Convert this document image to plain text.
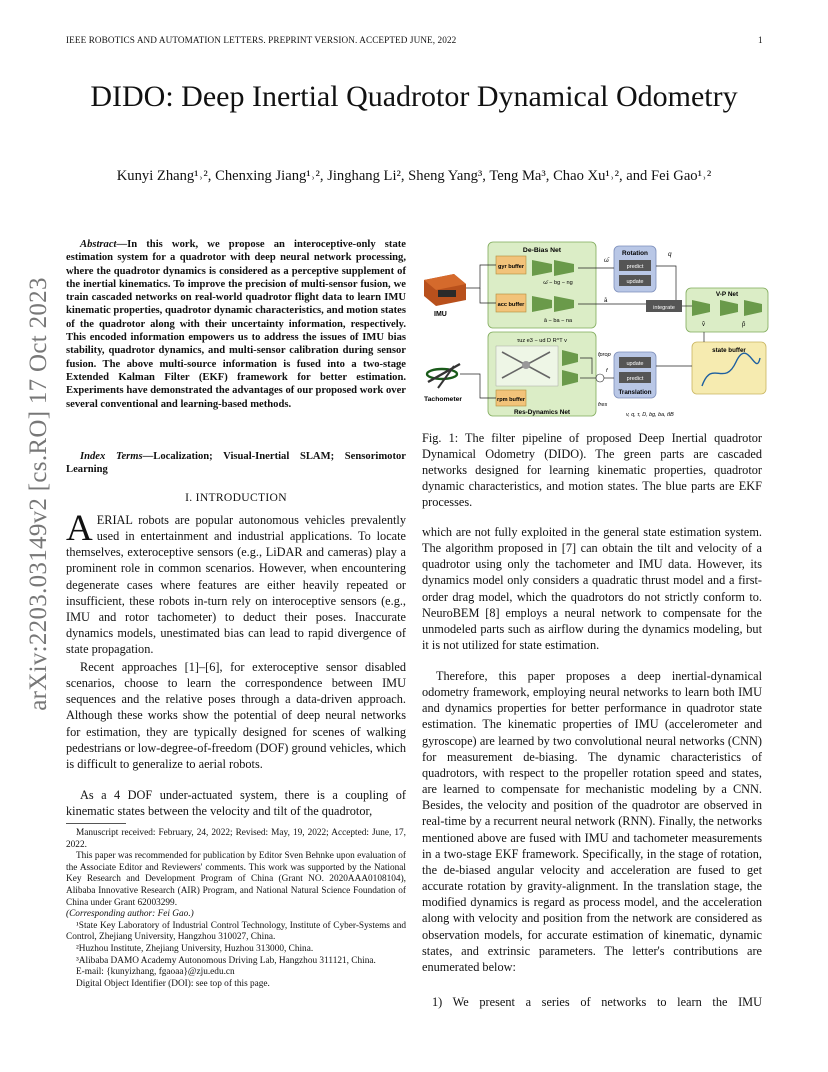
IEEE ROBOTICS AND AUTOMATION LETTERS. PREPRINT VERSION. ACCEPTED JUNE, 2022	1
arXiv:2203.03149v2 [cs.RO] 17 Oct 2023
DIDO: Deep Inertial Quadrotor Dynamical Odometry
Kunyi Zhang¹˒², Chenxing Jiang¹˒², Jinghang Li², Sheng Yang³, Teng Ma³, Chao Xu¹˒², and Fei Gao¹˒²
Abstract—In this work, we propose an interoceptive-only state estimation system for a quadrotor with deep neural network processing, where the quadrotor dynamics is considered as a perceptive supplement of the inertial kinematics. To improve the precision of multi-sensor fusion, we train cascaded networks on real-world quadrotor flight data to learn IMU kinematic properties, quadrotor dynamic characteristics, and motion states of the quadrotor along with their uncertainty information, respectively. This encoded information empowers us to address the issues of IMU bias stability, quadrotor dynamics, and multi-sensor calibration during sensor fusion. The above multi-source information is fused into a two-stage Extended Kalman Filter (EKF) framework for better estimation. Experiments have demonstrated the advantages of our proposed work over several conventional and learning-based methods.
Index Terms—Localization; Visual-Inertial SLAM; Sensorimotor Learning
I. INTRODUCTION
AERIAL robots are popular autonomous vehicles prevalently used in entertainment and industrial applications. To locate themselves, exteroceptive sensors (e.g., LiDAR and cameras) play a prominent role in common scenarios. However, when encountering degenerate cases where features are either heavily repeated or insufficient, these robots in-turn rely on interoceptive sensors (e.g., IMU and rotor tachometer) to deduct their poses. Inaccurate dynamics models, unestimated bias can lead to rapid divergence of state propagation.

Recent approaches [1]–[6], for exteroceptive sensor disabled scenarios, choose to learn the correspondence between IMU sequences and the relative poses through a data-driven approach. Although these works show the potential of deep neural networks for estimation, they are typically designed for scenes of walking pedestrians or low-degree-of-freedom (DOF) ground vehicles, which is difficult to generalize to aerial robots.

As a 4 DOF under-actuated system, there is a coupling of kinematic states between the velocity and tilt of the quadrotor,

Manuscript received: February, 24, 2022; Revised: May, 19, 2022; Accepted: June, 17, 2022.

This paper was recommended for publication by Editor Sven Behnke upon evaluation of the Associate Editor and Reviewers' comments. This work was supported by the National Key Research and Development Program of China (Grant NO. 2020AAA0108104), Alibaba Innovative Research (AIR) Program, and National Natural Science Foundation of China under Grant 62003299.

(Corresponding author: Fei Gao.)

¹State Key Laboratory of Industrial Control Technology, Institute of Cyber-Systems and Control, Zhejiang University, Hangzhou 310027, China.

²Huzhou Institute, Zhejiang University, Huzhou 313000, China.

³Alibaba DAMO Academy Autonomous Driving Lab, Hangzhou 311121, China.

E-mail: {kunyizhang, fgaoaa}@zju.edu.cn

Digital Object Identifier (DOI): see top of this page.

IMU
Tachometer
De-Bias Net
gyr buffer
acc buffer
ω̄ − bg − ng
ā − ba − na
τuz e3 − ud D R^T v
rpm buffer
Res-Dynamics Net
Rotation
predict
update
ω̄
ā
q
integrate
V-P Net
v̂	p̂
update
predict
Translation
fprop
fres
f
state buffer
v, q, τ, D, bg, ba, tIB
Fig. 1: The filter pipeline of proposed Deep Inertial quadrotor Dynamical Odometry (DIDO). The green parts are cascaded networks designed for learning kinematic properties, quadrotor dynamic characteristics, and motion states. The blue parts are EKF processes.

which are not fully exploited in the general state estimation system. The algorithm proposed in [7] can obtain the tilt and velocity of a quadrotor using only the tachometer and IMU data. However, its dynamics model only considers a quadratic thrust model and a first-order drag model, which the quadrotors do not strictly conform to. NeuroBEM [8] employs a neural network to compensate for the unmodeled parts such as airflow during the dynamics modeling, but it is not utilized for state estimation.

Therefore, this paper proposes a deep inertial-dynamical odometry framework, employing neural networks to learn both IMU and dynamics properties for better performance in quadrotor state estimation. The kinematic properties of IMU (accelerometer and gyroscope) are learned by two convolutional neural networks (CNN) for measurement de-biasing. The dynamic characteristics of quadrotors, with respect to the propeller rotation speed and states, are learned to compensate for mechanistic modeling by a CNN. Besides, the velocity and position of the quadrotor are observed in real-time by a recurrent neural network (RNN). Finally, the networks mentioned above are fused with IMU and tachometer measurements in a two-stage EKF framework. Specifically, in the stage of rotation, the de-biased angular velocity and acceleration are fused to get accurate rotation by gravity-alignment. In the translation stage, the modified dynamics is regard as process model, and the acceleration along with velocity and position from the network are considered as observation models, for accurate estimation of kinematic, dynamic states, and extrinsic parameters. The letter's contributions are enumerated below:

1) We present a series of networks to learn the IMU
